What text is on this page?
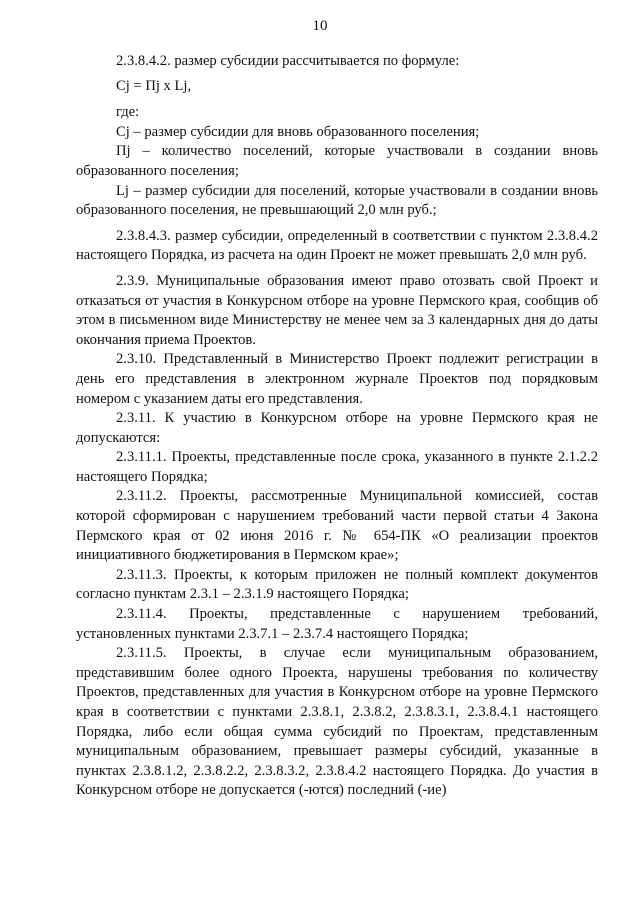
10

2.3.8.4.2. размер субсидии рассчитывается по формуле:

Cj = Пj x Lj,

где:

Cj – размер субсидии для вновь образованного поселения;

Пj – количество поселений, которые участвовали в создании вновь образованного поселения;

Lj – размер субсидии для поселений, которые участвовали в создании вновь образованного поселения, не превышающий 2,0 млн руб.;

2.3.8.4.3. размер субсидии, определенный в соответствии с пунктом 2.3.8.4.2 настоящего Порядка, из расчета на один Проект не может превышать 2,0 млн руб.

2.3.9. Муниципальные образования имеют право отозвать свой Проект и отказаться от участия в Конкурсном отборе на уровне Пермского края, сообщив об этом в письменном виде Министерству не менее чем за 3 календарных дня до даты окончания приема Проектов.

2.3.10. Представленный в Министерство Проект подлежит регистрации в день его представления в электронном журнале Проектов под порядковым номером с указанием даты его представления.

2.3.11. К участию в Конкурсном отборе на уровне Пермского края не допускаются:

2.3.11.1. Проекты, представленные после срока, указанного в пункте 2.1.2.2 настоящего Порядка;

2.3.11.2. Проекты, рассмотренные Муниципальной комиссией, состав которой сформирован с нарушением требований части первой статьи 4 Закона Пермского края от 02 июня 2016 г. № 654-ПК «О реализации проектов инициативного бюджетирования в Пермском крае»;

2.3.11.3. Проекты, к которым приложен не полный комплект документов согласно пунктам 2.3.1 – 2.3.1.9 настоящего Порядка;

2.3.11.4. Проекты, представленные с нарушением требований, установленных пунктами 2.3.7.1 – 2.3.7.4 настоящего Порядка;

2.3.11.5. Проекты, в случае если муниципальным образованием, представившим более одного Проекта, нарушены требования по количеству Проектов, представленных для участия в Конкурсном отборе на уровне Пермского края в соответствии с пунктами 2.3.8.1, 2.3.8.2, 2.3.8.3.1, 2.3.8.4.1 настоящего Порядка, либо если общая сумма субсидий по Проектам, представленным муниципальным образованием, превышает размеры субсидий, указанные в пунктах 2.3.8.1.2, 2.3.8.2.2, 2.3.8.3.2, 2.3.8.4.2 настоящего Порядка. До участия в Конкурсном отборе не допускается (-ются) последний (-ие)
